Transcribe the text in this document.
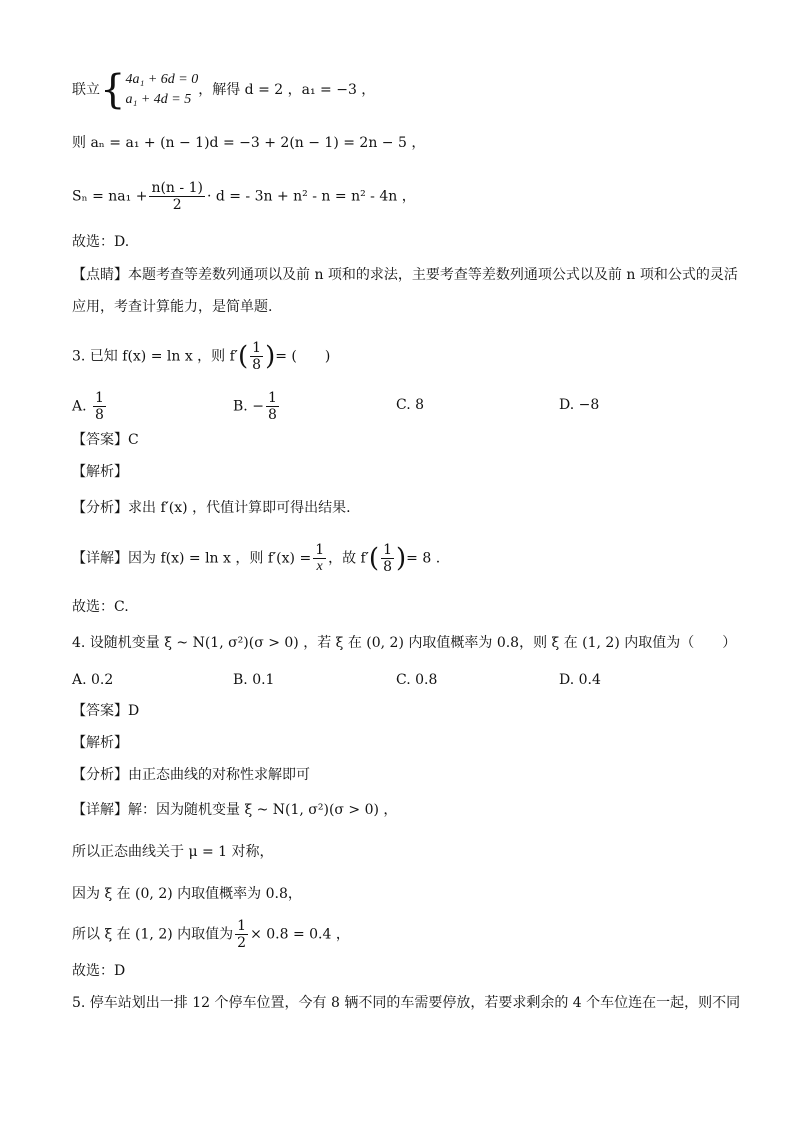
联立{ 4a₁ + 6d = 0
a₁ + 4d = 5
，解得 d = 2 ，a₁ = −3 ，
则 aₙ = a₁ + (n − 1)d = −3 + 2(n − 1) = 2n − 5 ，
$S_n = na_1 + \frac{n(n - 1)}{2} \cdot d$ = - 3n + n² - n = n² - 4n ，
故选：D.
【点睛】本题考查等差数列通项以及前 n 项和的求法，主要考查等差数列通项公式以及前 n 项和公式的灵活
应用，考查计算能力，是简单题.
3. 已知 f(x) = ln x ，则 $f'( \frac{1}{8}$ )= (　　)
A. $\frac{1}{8}$	B. − $\frac{1}{8}$	C. 8	D. −8
【答案】C
【解析】
【分析】求出 f′(x) ，代值计算即可得出结果.
【详解】因为 f(x) = ln x ，则 $f'(x) = \frac{1}{x}$ ，故 $f'( \frac{1}{8}$ )= 8 .
故选：C.
4. 设随机变量 ξ ~ N(1, σ²)(σ > 0) ，若 ξ 在 (0, 2) 内取值概率为 0.8，则 ξ 在 (1, 2) 内取值为（　　）
A. 0.2	B. 0.1	C. 0.8	D. 0.4
【答案】D
【解析】
【分析】由正态曲线的对称性求解即可
【详解】解：因为随机变量 ξ ~ N(1, σ²)(σ > 0) ，
所以正态曲线关于 μ = 1 对称，
因为 ξ 在 (0, 2) 内取值概率为 0.8，
所以 ξ 在 (1, 2) 内取值为 $\frac{1}{2} \times 0.8 = 0.4$ ，
故选：D
5. 停车站划出一排 12 个停车位置，今有 8 辆不同的车需要停放，若要求剩余的 4 个车位连在一起，则不同
